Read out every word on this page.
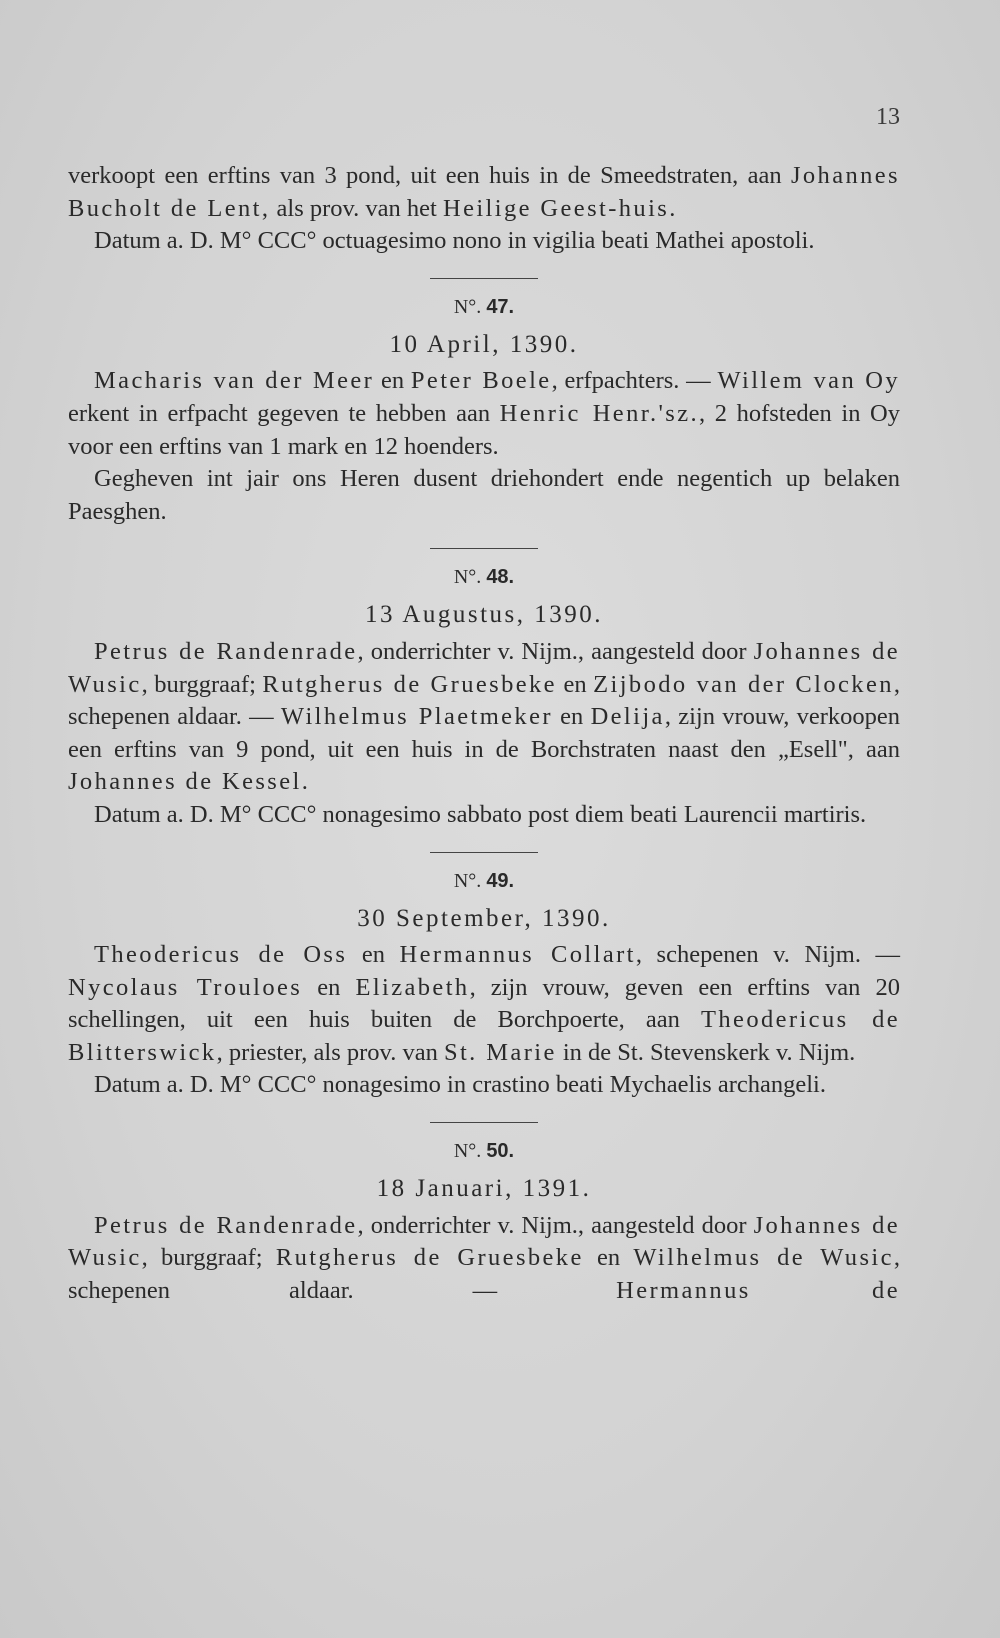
13

verkoopt een erftins van 3 pond, uit een huis in de Smeedstraten, aan Johannes Bucholt de Lent, als prov. van het Heilige Geest-huis.

Datum a. D. M° CCC° octuagesimo nono in vigilia beati Mathei apostoli.

N°. 47.
10 April, 1390.

Macharis van der Meer en Peter Boele, erfpachters. — Willem van Oy erkent in erfpacht gegeven te hebben aan Henric Henr.'sz., 2 hofsteden in Oy voor een erftins van 1 mark en 12 hoenders.

Gegheven int jair ons Heren dusent driehondert ende negentich up belaken Paesghen.

N°. 48.
13 Augustus, 1390.

Petrus de Randenrade, onderrichter v. Nijm., aangesteld door Johannes de Wusic, burggraaf; Rutgherus de Gruesbeke en Zijbodo van der Clocken, schepenen aldaar. — Wilhelmus Plaetmeker en Delija, zijn vrouw, verkoopen een erftins van 9 pond, uit een huis in de Borchstraten naast den „Esell", aan Johannes de Kessel.

Datum a. D. M° CCC° nonagesimo sabbato post diem beati Laurencii martiris.

N°. 49.
30 September, 1390.

Theodericus de Oss en Hermannus Collart, schepenen v. Nijm. — Nycolaus Trouloes en Elizabeth, zijn vrouw, geven een erftins van 20 schellingen, uit een huis buiten de Borchpoerte, aan Theodericus de Blitterswick, priester, als prov. van St. Marie in de St. Stevenskerk v. Nijm.

Datum a. D. M° CCC° nonagesimo in crastino beati Mychaelis archangeli.

N°. 50.
18 Januari, 1391.

Petrus de Randenrade, onderrichter v. Nijm., aangesteld door Johannes de Wusic, burggraaf; Rutgherus de Gruesbeke en Wilhelmus de Wusic, schepenen aldaar. — Hermannus de
